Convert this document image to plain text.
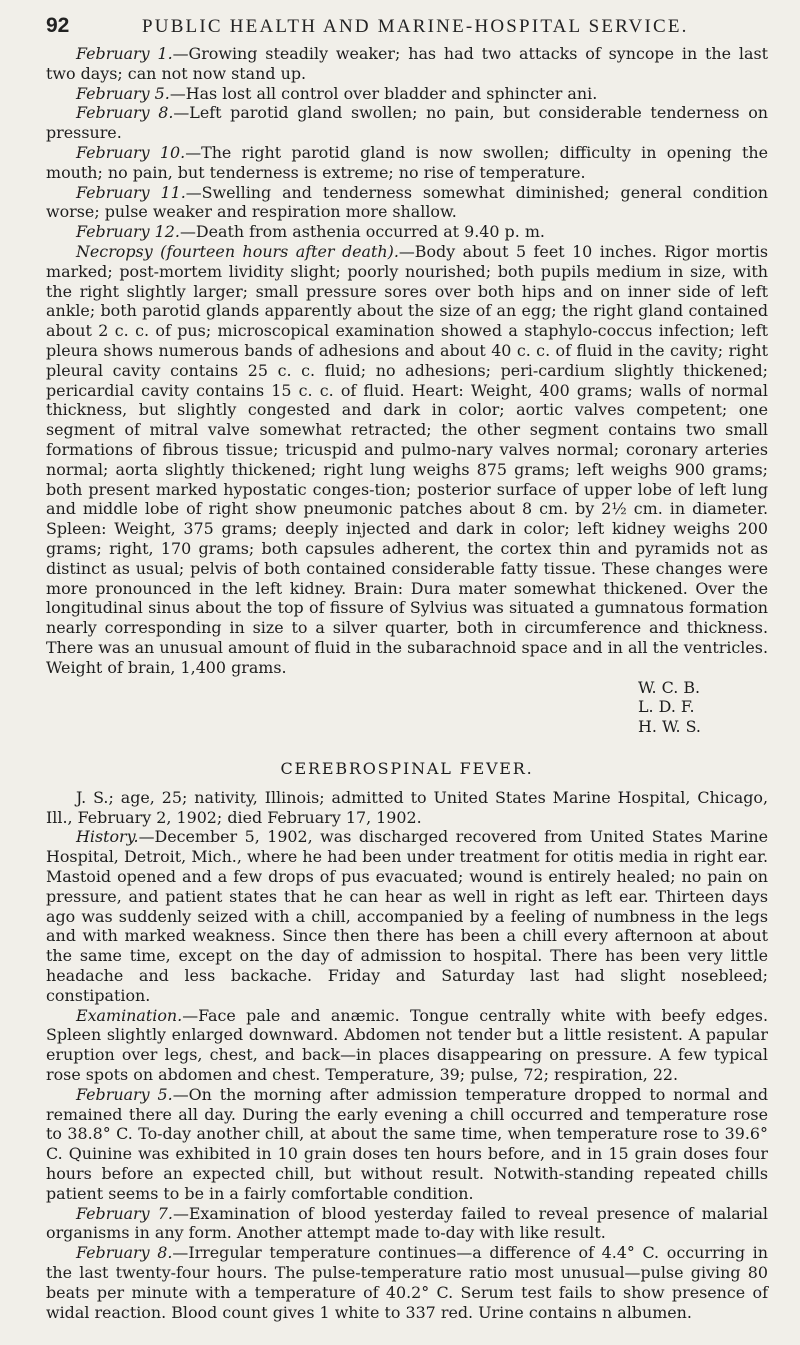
92	PUBLIC HEALTH AND MARINE-HOSPITAL SERVICE.

February 1.—Growing steadily weaker; has had two attacks of syncope in the last two days; can not now stand up.

February 5.—Has lost all control over bladder and sphincter ani.

February 8.—Left parotid gland swollen; no pain, but considerable tenderness on pressure.

February 10.—The right parotid gland is now swollen; difficulty in opening the mouth; no pain, but tenderness is extreme; no rise of temperature.

February 11.—Swelling and tenderness somewhat diminished; general condition worse; pulse weaker and respiration more shallow.

February 12.—Death from asthenia occurred at 9.40 p. m.

Necropsy (fourteen hours after death).—Body about 5 feet 10 inches. Rigor mortis marked; post-mortem lividity slight; poorly nourished; both pupils medium in size, with the right slightly larger; small pressure sores over both hips and on inner side of left ankle; both parotid glands apparently about the size of an egg; the right gland contained about 2 c. c. of pus; microscopical examination showed a staphylo-coccus infection; left pleura shows numerous bands of adhesions and about 40 c. c. of fluid in the cavity; right pleural cavity contains 25 c. c. fluid; no adhesions; peri-cardium slightly thickened; pericardial cavity contains 15 c. c. of fluid. Heart: Weight, 400 grams; walls of normal thickness, but slightly congested and dark in color; aortic valves competent; one segment of mitral valve somewhat retracted; the other segment contains two small formations of fibrous tissue; tricuspid and pulmo-nary valves normal; coronary arteries normal; aorta slightly thickened; right lung weighs 875 grams; left weighs 900 grams; both present marked hypostatic conges-tion; posterior surface of upper lobe of left lung and middle lobe of right show pneumonic patches about 8 cm. by 2½ cm. in diameter. Spleen: Weight, 375 grams; deeply injected and dark in color; left kidney weighs 200 grams; right, 170 grams; both capsules adherent, the cortex thin and pyramids not as distinct as usual; pelvis of both contained considerable fatty tissue. These changes were more pronounced in the left kidney. Brain: Dura mater somewhat thickened. Over the longitudinal sinus about the top of fissure of Sylvius was situated a gumnatous formation nearly corresponding in size to a silver quarter, both in circumference and thickness. There was an unusual amount of fluid in the subarachnoid space and in all the ventricles. Weight of brain, 1,400 grams.

W. C. B.
L. D. F.
H. W. S.
CEREBROSPINAL FEVER.

J. S.; age, 25; nativity, Illinois; admitted to United States Marine Hospital, Chicago, Ill., February 2, 1902; died February 17, 1902.

History.—December 5, 1902, was discharged recovered from United States Marine Hospital, Detroit, Mich., where he had been under treatment for otitis media in right ear. Mastoid opened and a few drops of pus evacuated; wound is entirely healed; no pain on pressure, and patient states that he can hear as well in right as left ear. Thirteen days ago was suddenly seized with a chill, accompanied by a feeling of numbness in the legs and with marked weakness. Since then there has been a chill every afternoon at about the same time, except on the day of admission to hospital. There has been very little headache and less backache. Friday and Saturday last had slight nosebleed; constipation.

Examination.—Face pale and anæmic. Tongue centrally white with beefy edges. Spleen slightly enlarged downward. Abdomen not tender but a little resistent. A papular eruption over legs, chest, and back—in places disappearing on pressure. A few typical rose spots on abdomen and chest. Temperature, 39; pulse, 72; respiration, 22.

February 5.—On the morning after admission temperature dropped to normal and remained there all day. During the early evening a chill occurred and temperature rose to 38.8° C. To-day another chill, at about the same time, when temperature rose to 39.6° C. Quinine was exhibited in 10 grain doses ten hours before, and in 15 grain doses four hours before an expected chill, but without result. Notwith-standing repeated chills patient seems to be in a fairly comfortable condition.

February 7.—Examination of blood yesterday failed to reveal presence of malarial organisms in any form. Another attempt made to-day with like result.

February 8.—Irregular temperature continues—a difference of 4.4° C. occurring in the last twenty-four hours. The pulse-temperature ratio most unusual—pulse giving 80 beats per minute with a temperature of 40.2° C. Serum test fails to show presence of widal reaction. Blood count gives 1 white to 337 red. Urine contains n albumen.
